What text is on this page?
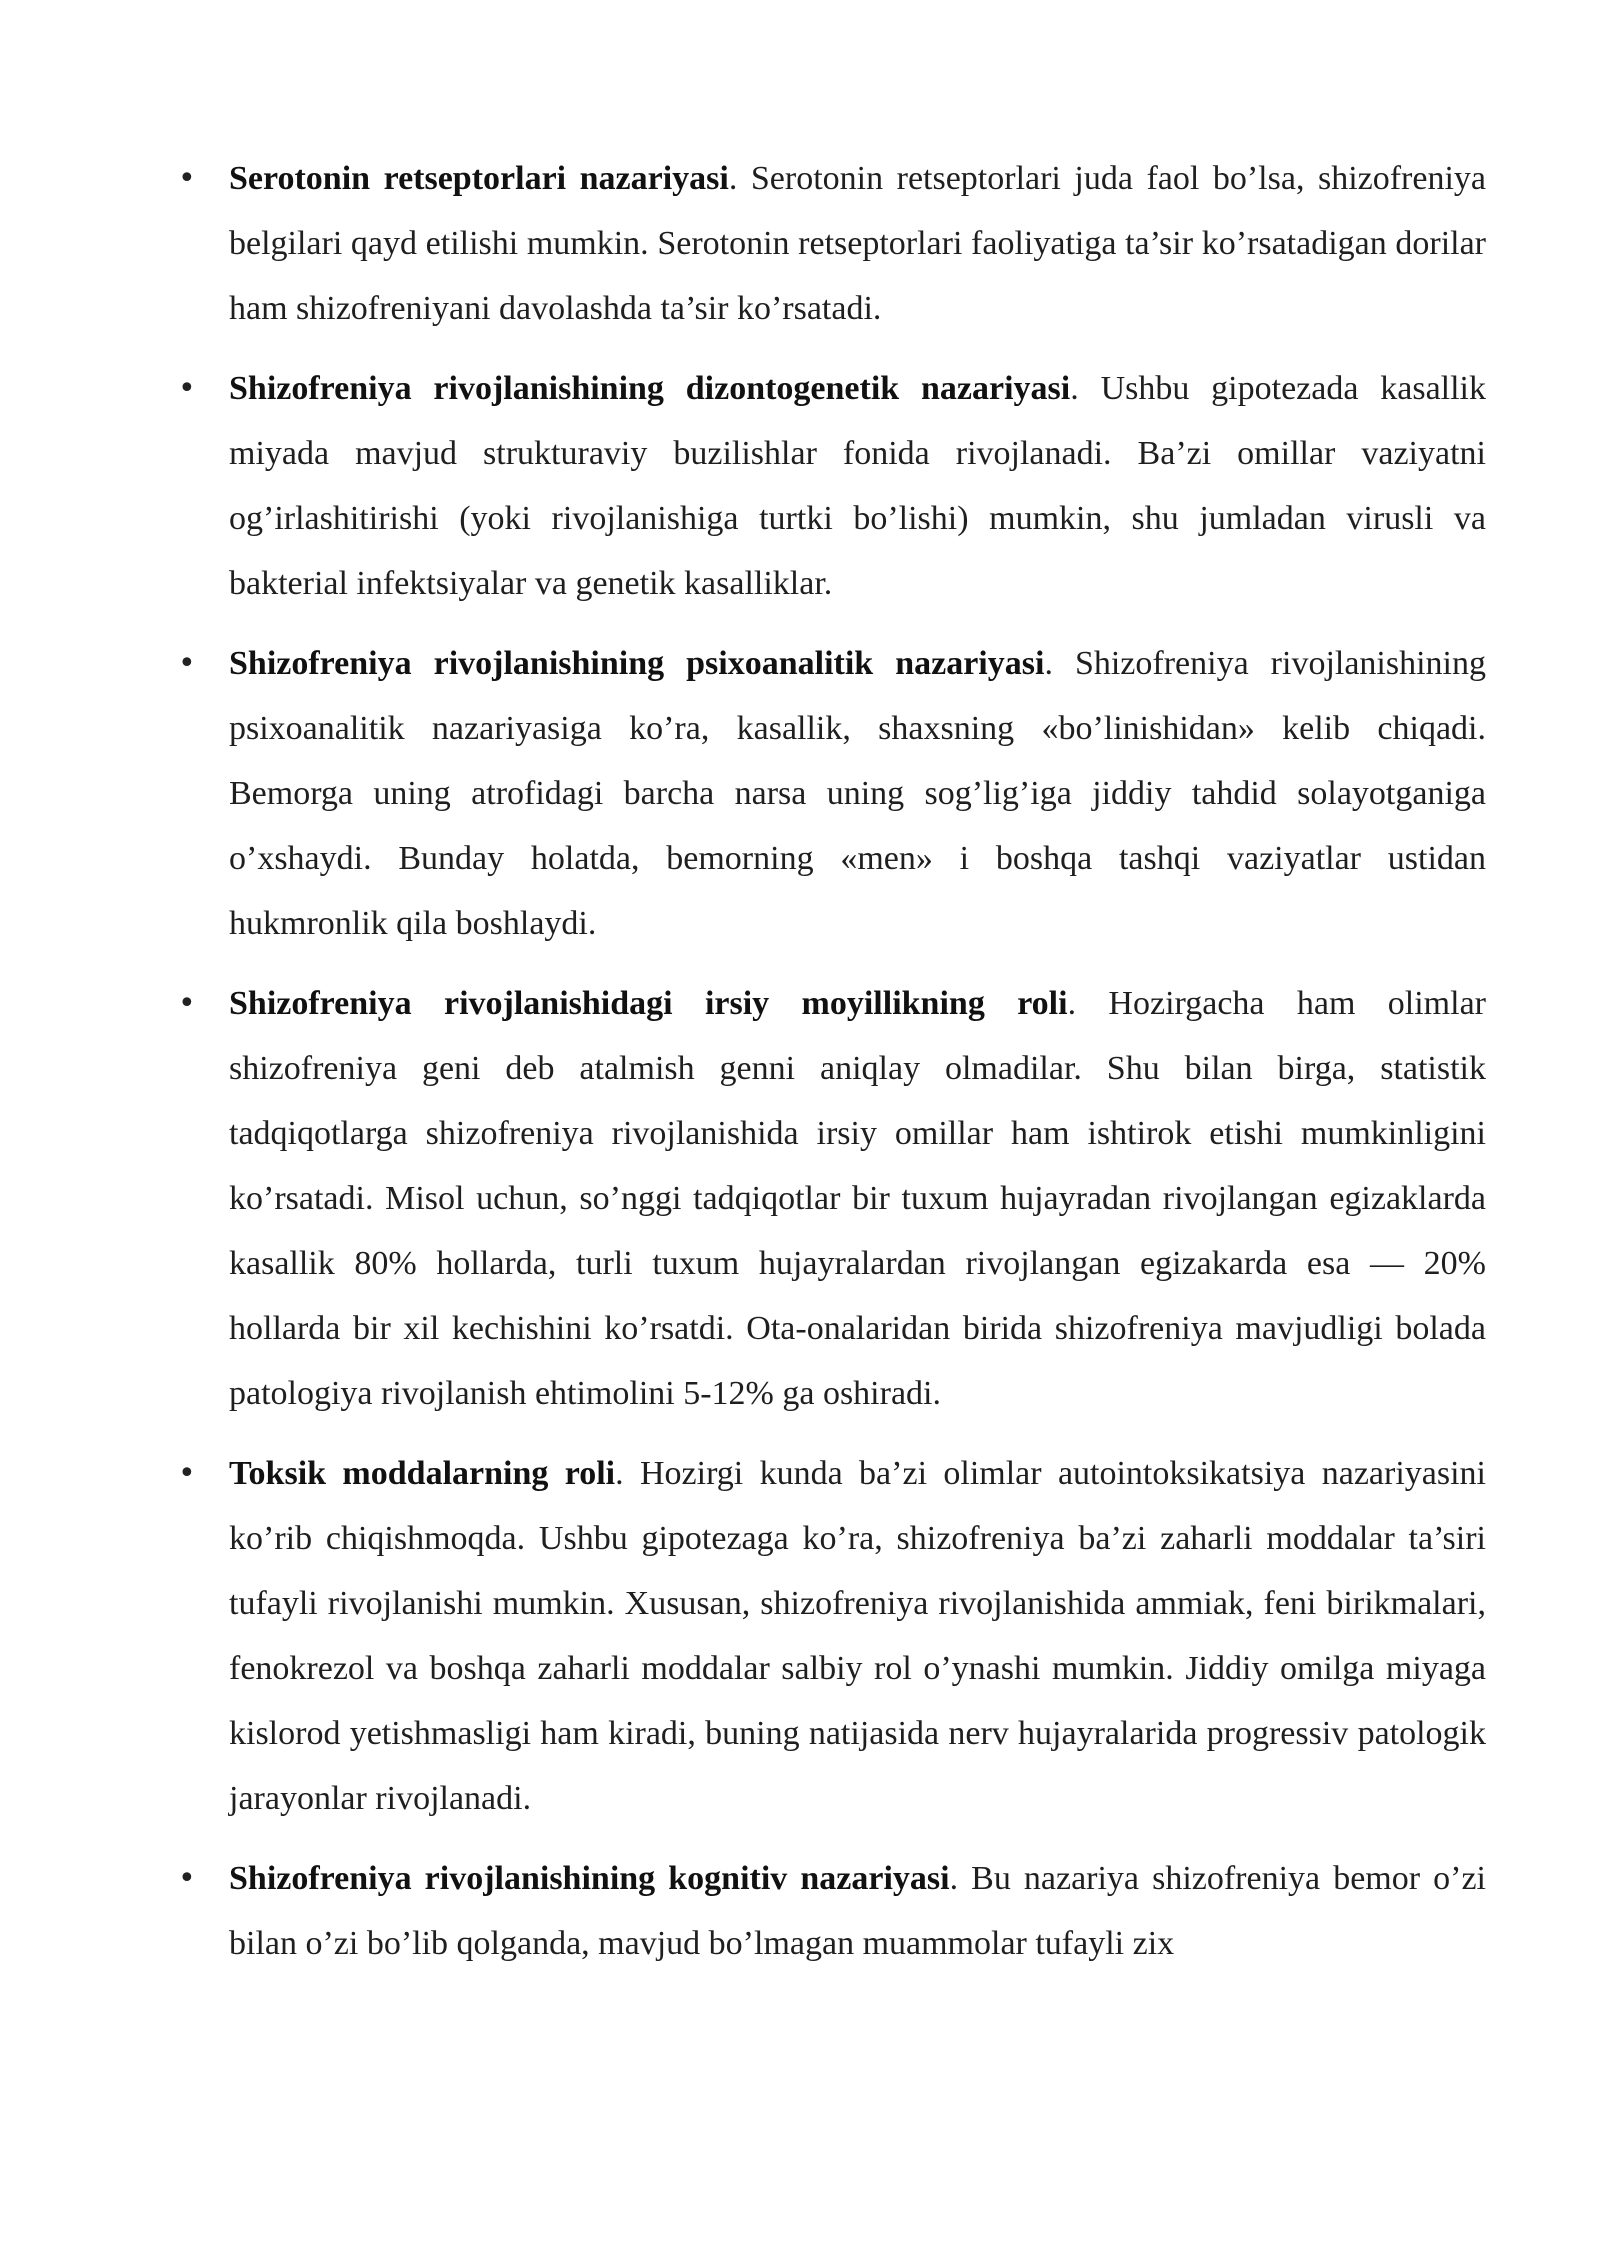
• Serotonin retseptorlari nazariyasi. Serotonin retseptorlari juda faol bo’lsa, shizofreniya belgilari qayd etilishi mumkin. Serotonin retseptorlari faoliyatiga ta’sir ko’rsatadigan dorilar ham shizofreniyani davolashda ta’sir ko’rsatadi.
• Shizofreniya rivojlanishining dizontogenetik nazariyasi. Ushbu gipotezada kasallik miyada mavjud strukturaviy buzilishlar fonida rivojlanadi. Ba’zi omillar vaziyatni og’irlashitirishi (yoki rivojlanishiga turtki bo’lishi) mumkin, shu jumladan virusli va bakterial infektsiyalar va genetik kasalliklar.
• Shizofreniya rivojlanishining psixoanalitik nazariyasi. Shizofreniya rivojlanishining psixoanalitik nazariyasiga ko’ra, kasallik, shaxsning «bo’linishidan» kelib chiqadi. Bemorga uning atrofidagi barcha narsa uning sog’lig’iga jiddiy tahdid solayotganiga o’xshaydi. Bunday holatda, bemorning «men» i boshqa tashqi vaziyatlar ustidan hukmronlik qila boshlaydi.
• Shizofreniya rivojlanishidagi irsiy moyillikning roli. Hozirgacha ham olimlar shizofreniya geni deb atalmish genni aniqlay olmadilar. Shu bilan birga, statistik tadqiqotlarga shizofreniya rivojlanishida irsiy omillar ham ishtirok etishi mumkinligini ko’rsatadi. Misol uchun, so’nggi tadqiqotlar bir tuxum hujayradan rivojlangan egizaklarda kasallik 80% hollarda, turli tuxum hujayralardan rivojlangan egizakarda esa — 20% hollarda bir xil kechishini ko’rsatdi. Ota-onalaridan birida shizofreniya mavjudligi bolada patologiya rivojlanish ehtimolini 5-12% ga oshiradi.
• Toksik moddalarning roli. Hozirgi kunda ba’zi olimlar autointoksikatsiya nazariyasini ko’rib chiqishmoqda. Ushbu gipotezaga ko’ra, shizofreniya ba’zi zaharli moddalar ta’siri tufayli rivojlanishi mumkin. Xususan, shizofreniya rivojlanishida ammiak, feni birikmalari, fenokrezol va boshqa zaharli moddalar salbiy rol o’ynashi mumkin. Jiddiy omilga miyaga kislorod yetishmasligi ham kiradi, buning natijasida nerv hujayralarida progressiv patologik jarayonlar rivojlanadi.
• Shizofreniya rivojlanishining kognitiv nazariyasi. Bu nazariya shizofreniya bemor o’zi bilan o’zi bo’lib qolganda, mavjud bo’lmagan muammolar tufayli zix
